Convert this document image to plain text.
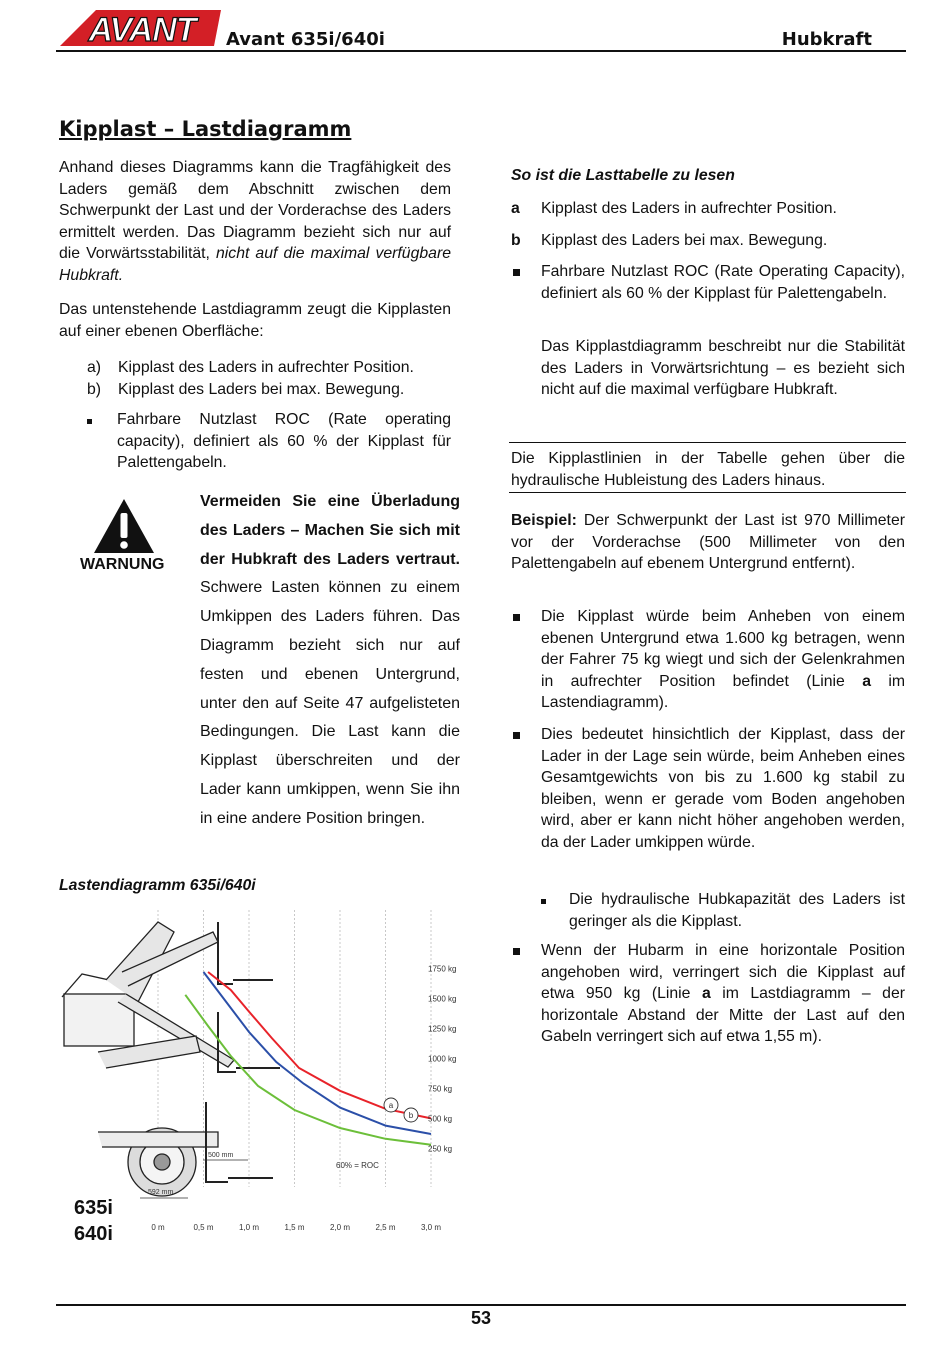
AVANT Avant 635i/640i	Hubkraft
Kipplast – Lastdiagramm

Anhand dieses Diagramms kann die Tragfähigkeit des Laders gemäß dem Abschnitt zwischen dem Schwerpunkt der Last und der Vorderachse des Laders ermittelt werden. Das Diagramm bezieht sich nur auf die Vorwärtsstabilität, nicht auf die maximal verfügbare Hubkraft.

Das untenstehende Lastdiagramm zeugt die Kipplasten auf einer ebenen Oberfläche:

a) Kipplast des Laders in aufrechter Position.
b) Kipplast des Laders bei max. Bewegung.
Fahrbare Nutzlast ROC (Rate operating capacity), definiert als 60 % der Kipplast für Palettengabeln.
WARNUNG

Vermeiden Sie eine Überladung des Laders – Machen Sie sich mit der Hubkraft des Laders vertraut. Schwere Lasten können zu einem Umkippen des Laders führen. Das Diagramm bezieht sich nur auf festen und ebenen Untergrund, unter den auf Seite 47 aufgelisteten Bedingungen. Die Last kann die Kipplast überschreiten und der Lader kann umkippen, wenn Sie ihn in eine andere Position bringen.

Lastendiagramm 635i/640i
0 m	0,5 m	1,0 m	1,5 m	2,0 m	2,5 m	3,0 m
1750 kg
1500 kg
1250 kg
1000 kg
750 kg
500 kg
250 kg
500 mm
592 mm
60% = ROC
a
b
635i
640i
So ist die Lasttabelle zu lesen
a Kipplast des Laders in aufrechter Position.
b Kipplast des Laders bei max. Bewegung.
Fahrbare Nutzlast ROC (Rate Operating Capacity), definiert als 60 % der Kipplast für Palettengabeln.

Das Kipplastdiagramm beschreibt nur die Stabilität des Laders in Vorwärtsrichtung – es bezieht sich nicht auf die maximal verfügbare Hubkraft.

Die Kipplastlinien in der Tabelle gehen über die hydraulische Hubleistung des Laders hinaus.

Beispiel: Der Schwerpunkt der Last ist 970 Millimeter vor der Vorderachse (500 Millimeter von den Palettengabeln auf ebenem Untergrund entfernt).

Die Kipplast würde beim Anheben von einem ebenen Untergrund etwa 1.600 kg betragen, wenn der Fahrer 75 kg wiegt und sich der Gelenkrahmen in aufrechter Position befindet (Linie a im Lastendiagramm).
Dies bedeutet hinsichtlich der Kipplast, dass der Lader in der Lage sein würde, beim Anheben eines Gesamtgewichts von bis zu 1.600 kg stabil zu bleiben, wenn er gerade vom Boden angehoben wird, aber er kann nicht höher angehoben werden, da der Lader umkippen würde.
Die hydraulische Hubkapazität des Laders ist geringer als die Kipplast.
Wenn der Hubarm in eine horizontale Position angehoben wird, verringert sich die Kipplast auf etwa 950 kg (Linie a im Lastdiagramm – der horizontale Abstand der Mitte der Last auf den Gabeln verringert sich auf etwa 1,55 m).
53
